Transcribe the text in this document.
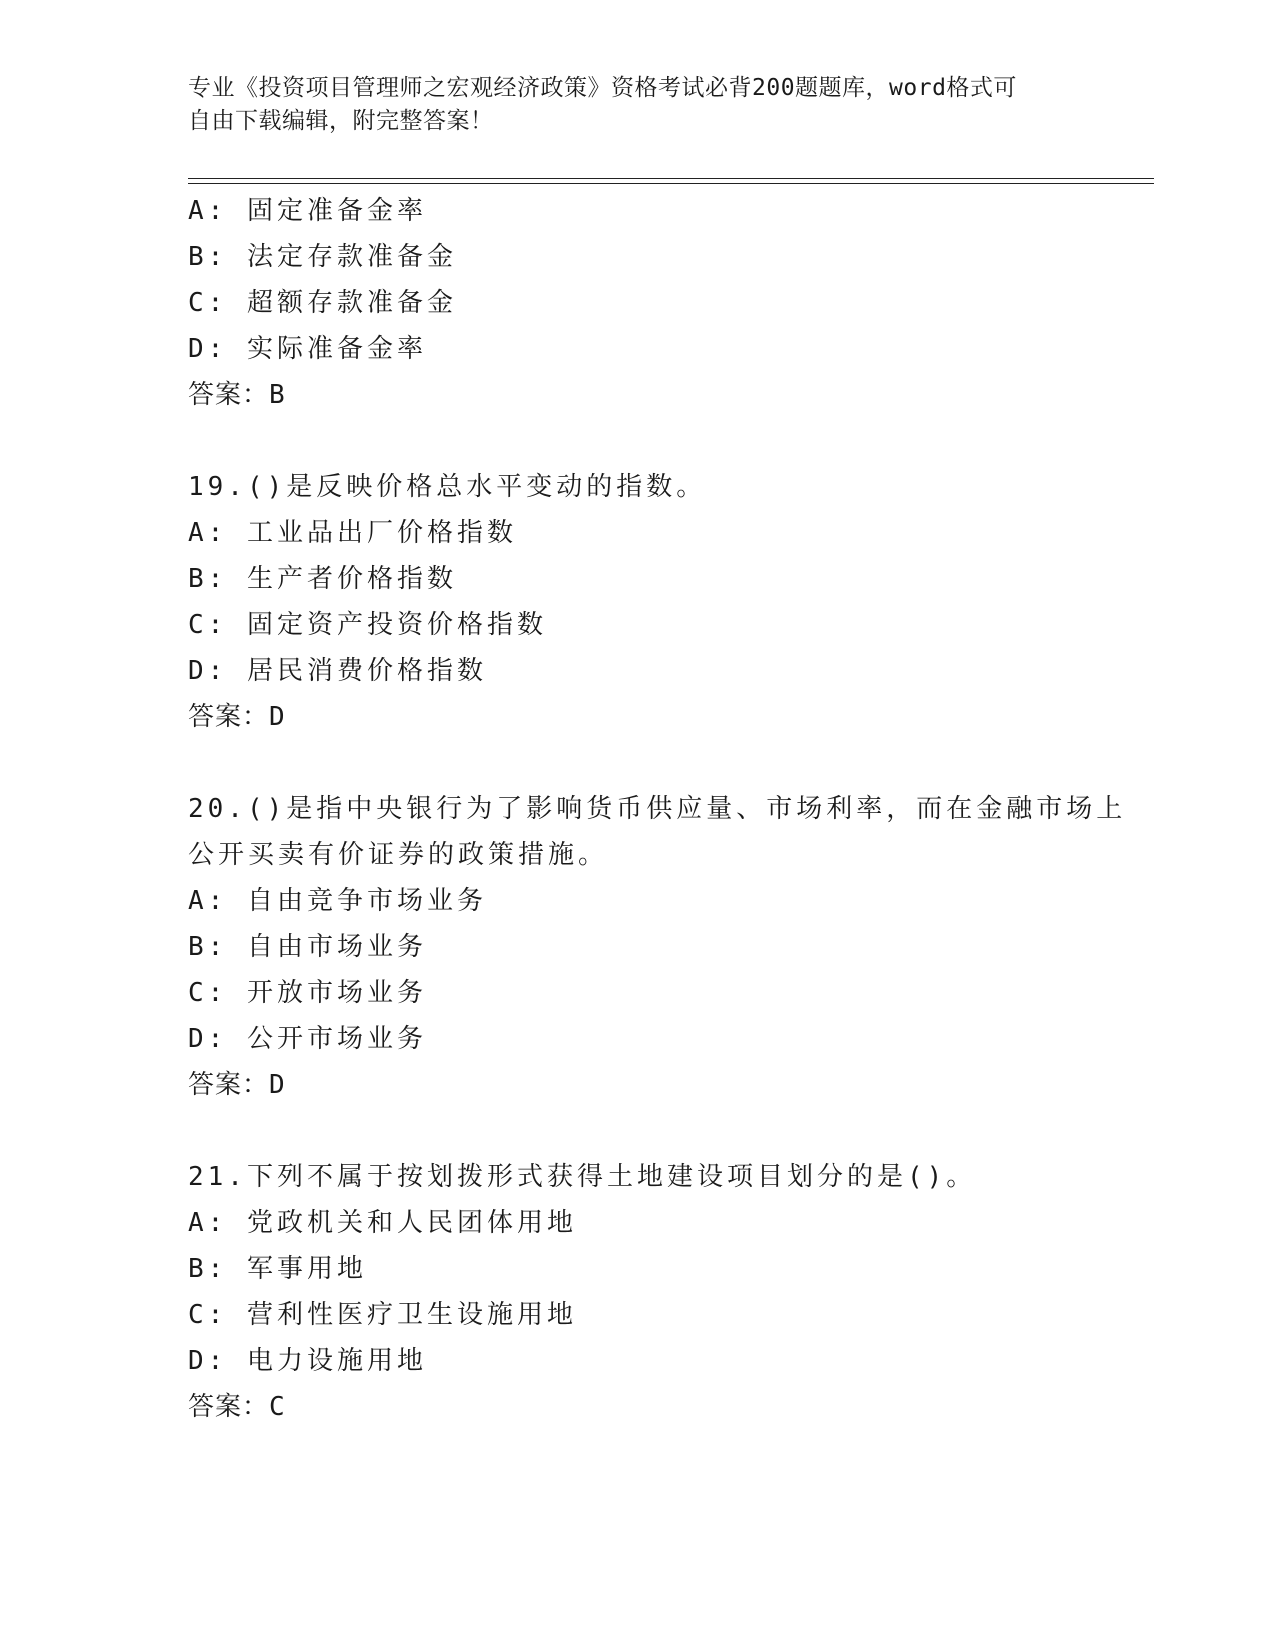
专业《投资项目管理师之宏观经济政策》资格考试必背200题题库，word格式可
自由下载编辑，附完整答案！
A: 固定准备金率
B: 法定存款准备金
C: 超额存款准备金
D: 实际准备金率
答案：B
19.()是反映价格总水平变动的指数。
A: 工业品出厂价格指数
B: 生产者价格指数
C: 固定资产投资价格指数
D: 居民消费价格指数
答案：D
20.()是指中央银行为了影响货币供应量、市场利率，而在金融市场上
公开买卖有价证券的政策措施。
A: 自由竞争市场业务
B: 自由市场业务
C: 开放市场业务
D: 公开市场业务
答案：D
21.下列不属于按划拨形式获得土地建设项目划分的是()。
A: 党政机关和人民团体用地
B: 军事用地
C: 营利性医疗卫生设施用地
D: 电力设施用地
答案：C
